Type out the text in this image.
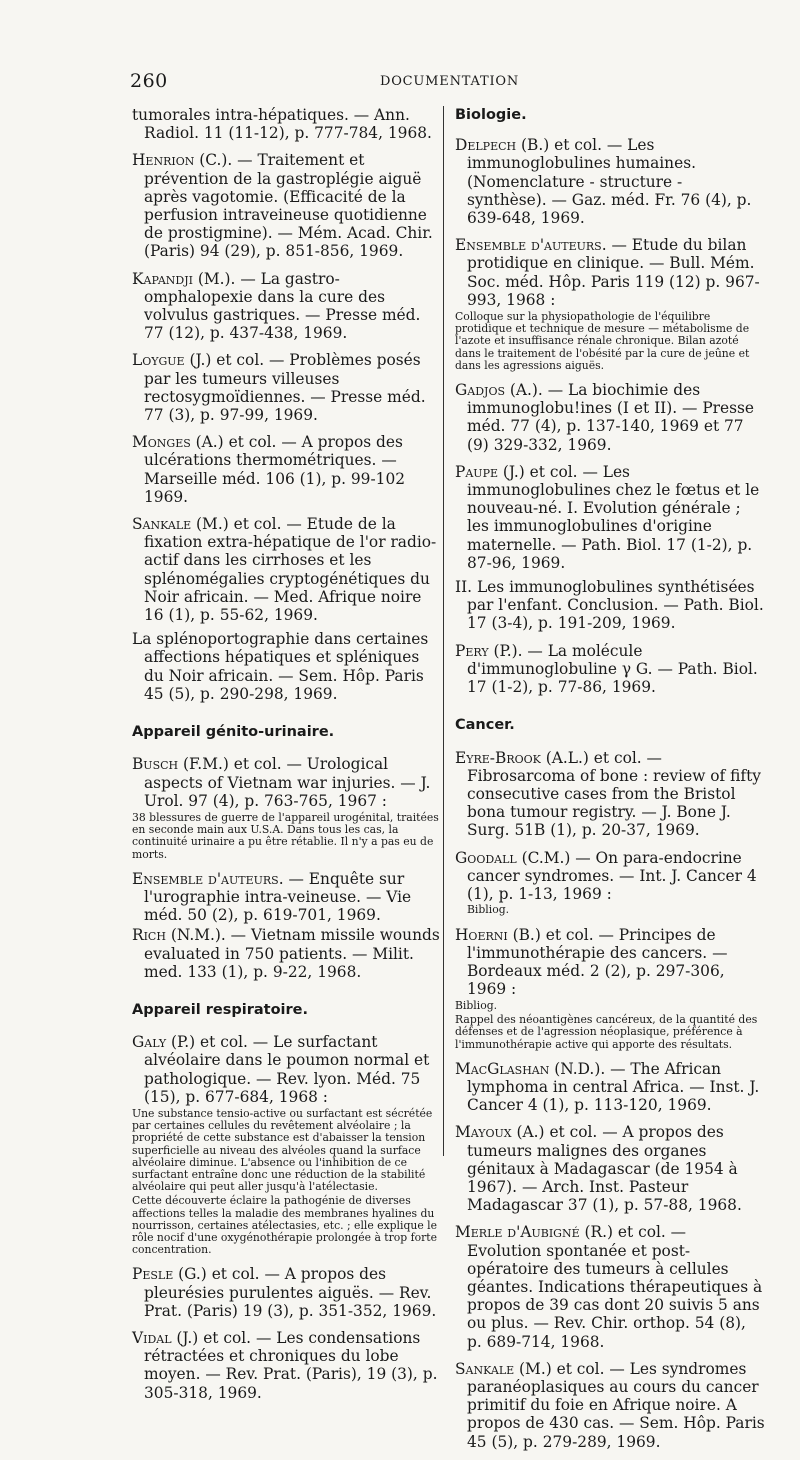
260	DOCUMENTATION
tumorales intra-hépatiques. — Ann. Radiol. 11 (11-12), p. 777-784, 1968.
Henrion (C.). — Traitement et prévention de la gastroplégie aiguë après vagotomie. (Efficacité de la perfusion intraveineuse quotidienne de prostigmine). — Mém. Acad. Chir. (Paris) 94 (29), p. 851-856, 1969.
Kapandji (M.). — La gastro-omphalopexie dans la cure des volvulus gastriques. — Presse méd. 77 (12), p. 437-438, 1969.
Loygue (J.) et col. — Problèmes posés par les tumeurs villeuses rectosygmoïdiennes. — Presse méd. 77 (3), p. 97-99, 1969.
Monges (A.) et col. — A propos des ulcérations thermométriques. — Marseille méd. 106 (1), p. 99-102 1969.
Sankale (M.) et col. — Etude de la fixation extra-hépatique de l'or radio-actif dans les cirrhoses et les splénomégalies cryptogénétiques du Noir africain. — Med. Afrique noire 16 (1), p. 55-62, 1969.
La splénoportographie dans certaines affections hépatiques et spléniques du Noir africain. — Sem. Hôp. Paris 45 (5), p. 290-298, 1969.
Appareil génito-urinaire.
Busch (F.M.) et col. — Urological aspects of Vietnam war injuries. — J. Urol. 97 (4), p. 763-765, 1967 :
38 blessures de guerre de l'appareil urogénital, traitées en seconde main aux U.S.A. Dans tous les cas, la continuité urinaire a pu être rétablie. Il n'y a pas eu de morts.
Ensemble d'auteurs. — Enquête sur l'urographie intra-veineuse. — Vie méd. 50 (2), p. 619-701, 1969.
Rich (N.M.). — Vietnam missile wounds evaluated in 750 patients. — Milit. med. 133 (1), p. 9-22, 1968.
Appareil respiratoire.
Galy (P.) et col. — Le surfactant alvéolaire dans le poumon normal et pathologique. — Rev. lyon. Méd. 75 (15), p. 677-684, 1968 :
Une substance tensio-active ou surfactant est sécrétée par certaines cellules du revêtement alvéolaire ; la propriété de cette substance est d'abaisser la tension superficielle au niveau des alvéoles quand la surface alvéolaire diminue. L'absence ou l'inhibition de ce surfactant entraîne donc une réduction de la stabilité alvéolaire qui peut aller jusqu'à l'atélectasie.
Cette découverte éclaire la pathogénie de diverses affections telles la maladie des membranes hyalines du nourrisson, certaines atélectasies, etc. ; elle explique le rôle nocif d'une oxygénothérapie prolongée à trop forte concentration.
Pesle (G.) et col. — A propos des pleurésies purulentes aiguës. — Rev. Prat. (Paris) 19 (3), p. 351-352, 1969.
Vidal (J.) et col. — Les condensations rétractées et chroniques du lobe moyen. — Rev. Prat. (Paris), 19 (3), p. 305-318, 1969.
Biologie.
Delpech (B.) et col. — Les immunoglobulines humaines. (Nomenclature - structure - synthèse). — Gaz. méd. Fr. 76 (4), p. 639-648, 1969.
Ensemble d'auteurs. — Etude du bilan protidique en clinique. — Bull. Mém. Soc. méd. Hôp. Paris 119 (12) p. 967-993, 1968 :
Colloque sur la physiopathologie de l'équilibre protidique et technique de mesure — métabolisme de l'azote et insuffisance rénale chronique. Bilan azoté dans le traitement de l'obésité par la cure de jeûne et dans les agressions aiguës.
Gadjos (A.). — La biochimie des immunoglobu!ines (I et II). — Presse méd. 77 (4), p. 137-140, 1969 et 77 (9) 329-332, 1969.
Paupe (J.) et col. — Les immunoglobulines chez le fœtus et le nouveau-né. I. Evolution générale ; les immunoglobulines d'origine maternelle. — Path. Biol. 17 (1-2), p. 87-96, 1969.
II. Les immunoglobulines synthétisées par l'enfant. Conclusion. — Path. Biol. 17 (3-4), p. 191-209, 1969.
Pery (P.). — La molécule d'immunoglobuline γ G. — Path. Biol. 17 (1-2), p. 77-86, 1969.
Cancer.
Eyre-Brook (A.L.) et col. — Fibrosarcoma of bone : review of fifty consecutive cases from the Bristol bona tumour registry. — J. Bone J. Surg. 51B (1), p. 20-37, 1969.
Goodall (C.M.) — On para-endocrine cancer syndromes. — Int. J. Cancer 4 (1), p. 1-13, 1969 :
Bibliog.
Hoerni (B.) et col. — Principes de l'immunothérapie des cancers. — Bordeaux méd. 2 (2), p. 297-306, 1969 :
Bibliog.
Rappel des néoantigènes cancéreux, de la quantité des défenses et de l'agression néoplasique, préférence à l'immunothérapie active qui apporte des résultats.
MacGlashan (N.D.). — The African lymphoma in central Africa. — Inst. J. Cancer 4 (1), p. 113-120, 1969.
Mayoux (A.) et col. — A propos des tumeurs malignes des organes génitaux à Madagascar (de 1954 à 1967). — Arch. Inst. Pasteur Madagascar 37 (1), p. 57-88, 1968.
Merle d'Aubigné (R.) et col. — Evolution spontanée et post-opératoire des tumeurs à cellules géantes. Indications thérapeutiques à propos de 39 cas dont 20 suivis 5 ans ou plus. — Rev. Chir. orthop. 54 (8), p. 689-714, 1968.
Sankale (M.) et col. — Les syndromes paranéoplasiques au cours du cancer primitif du foie en Afrique noire. A propos de 430 cas. — Sem. Hôp. Paris 45 (5), p. 279-289, 1969.
